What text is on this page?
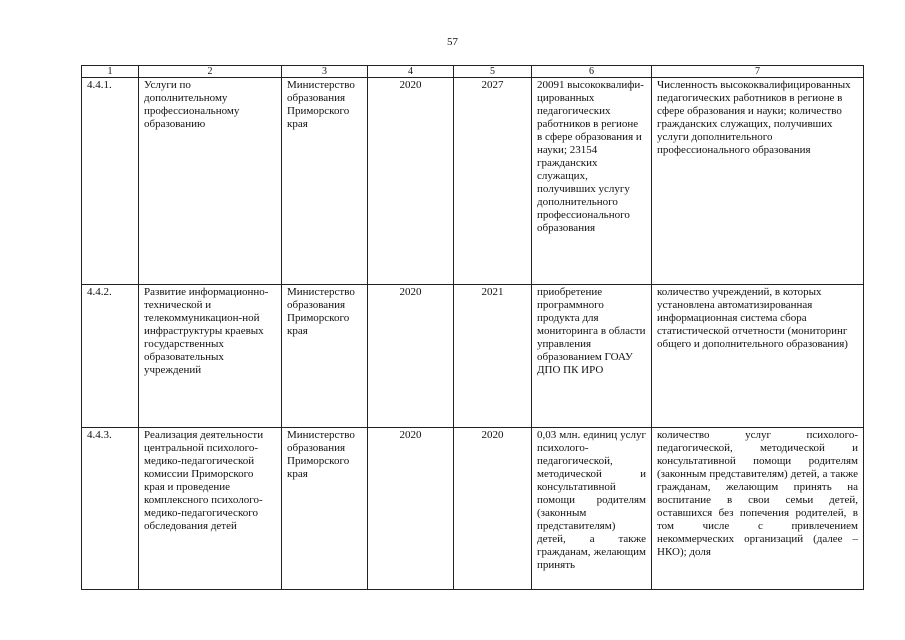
57
1	2	3	4	5	6	7
4.4.1.	Услуги по дополнительному профессиональному образованию	Министерство образования Приморского края	2020	2027	20091 высококвалифи-цированных педагогических работников в регионе в сфере образования и науки; 23154 гражданских служащих, получивших услугу дополнительного профессионального образования	Численность высококвалифицированных педагогических работников в регионе в сфере образования и науки; количество гражданских служащих, получивших услуги дополнительного профессионального образования
4.4.2.	Развитие информационно-технической и телекоммуникацион-ной инфраструктуры краевых государственных образовательных учреждений	Министерство образования Приморского края	2020	2021	приобретение программного продукта для мониторинга в области управления образованием ГОАУ ДПО ПК ИРО	количество учреждений, в которых установлена автоматизированная информационная система сбора статистической отчетности (мониторинг общего и дополнительного образования)
4.4.3.	Реализация деятельности центральной психолого-медико-педагогической комиссии Приморского края и проведение комплексного психолого-медико-педагогического обследования детей	Министерство образования Приморского края	2020	2020	0,03 млн. единиц услуг психолого-педагогической, методической и консультативной помощи родителям (законным представителям) детей, а также гражданам, желающим принять	количество услуг психолого-педагогической, методической и консультативной помощи родителям (законным представителям) детей, а также гражданам, желающим принять на воспитание в свои семьи детей, оставшихся без попечения родителей, в том числе с привлечением некоммерческих организаций (далее – НКО); доля
